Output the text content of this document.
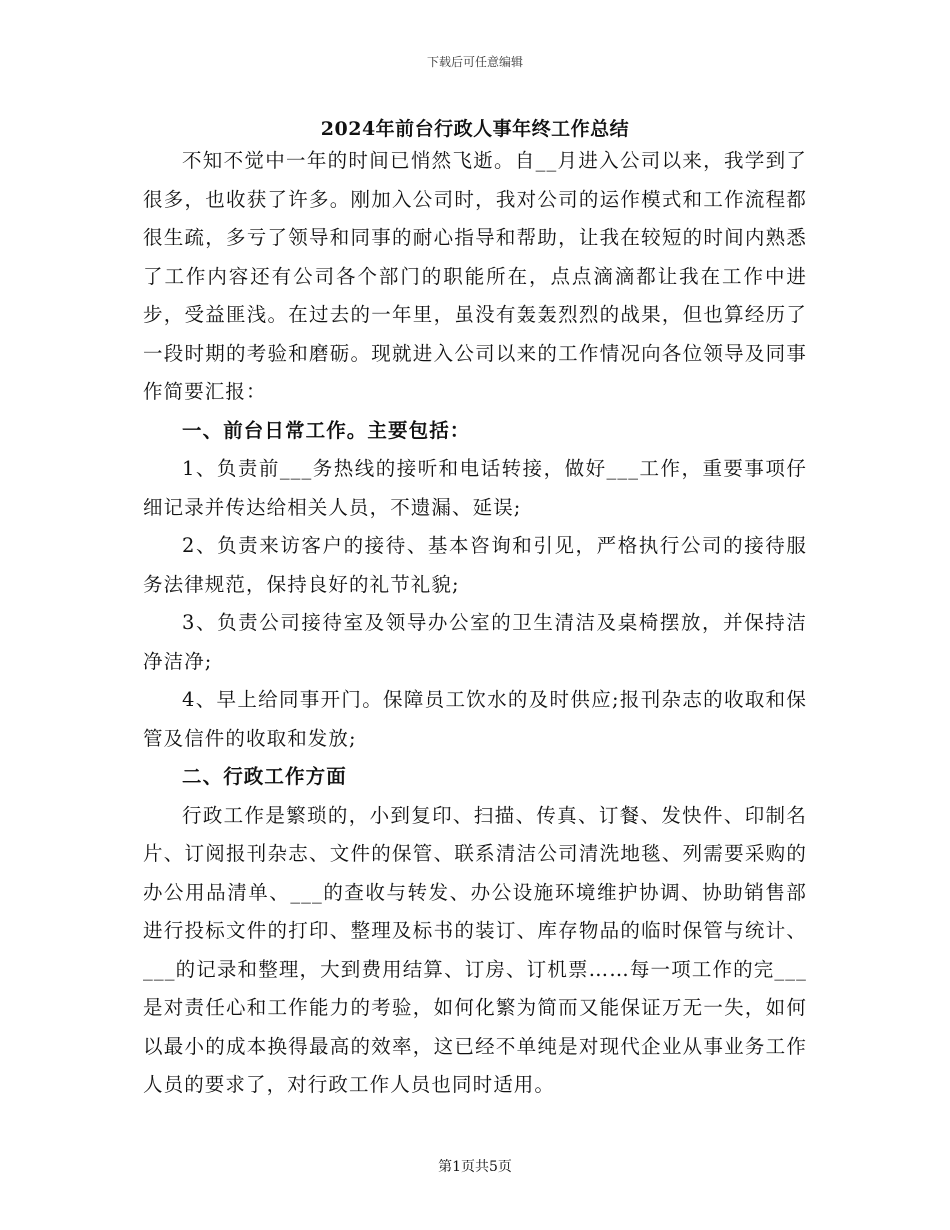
下载后可任意编辑
2024年前台行政人事年终工作总结

不知不觉中一年的时间已悄然飞逝。自__月进入公司以来，我学到了很多，也收获了许多。刚加入公司时，我对公司的运作模式和工作流程都很生疏，多亏了领导和同事的耐心指导和帮助，让我在较短的时间内熟悉了工作内容还有公司各个部门的职能所在，点点滴滴都让我在工作中进步，受益匪浅。在过去的一年里，虽没有轰轰烈烈的战果，但也算经历了一段时期的考验和磨砺。现就进入公司以来的工作情况向各位领导及同事作简要汇报：

一、前台日常工作。主要包括：

1、负责前___务热线的接听和电话转接，做好___工作，重要事项仔细记录并传达给相关人员，不遗漏、延误;

2、负责来访客户的接待、基本咨询和引见，严格执行公司的接待服务法律规范，保持良好的礼节礼貌;

3、负责公司接待室及领导办公室的卫生清洁及桌椅摆放，并保持洁净洁净;

4、早上给同事开门。保障员工饮水的及时供应;报刊杂志的收取和保管及信件的收取和发放;

二、行政工作方面

行政工作是繁琐的，小到复印、扫描、传真、订餐、发快件、印制名片、订阅报刊杂志、文件的保管、联系清洁公司清洗地毯、列需要采购的办公用品清单、___的查收与转发、办公设施环境维护协调、协助销售部进行投标文件的打印、整理及标书的装订、库存物品的临时保管与统计、___的记录和整理，大到费用结算、订房、订机票……每一项工作的完___是对责任心和工作能力的考验，如何化繁为简而又能保证万无一失，如何以最小的成本换得最高的效率，这已经不单纯是对现代企业从事业务工作人员的要求了，对行政工作人员也同时适用。

第1页共5页
